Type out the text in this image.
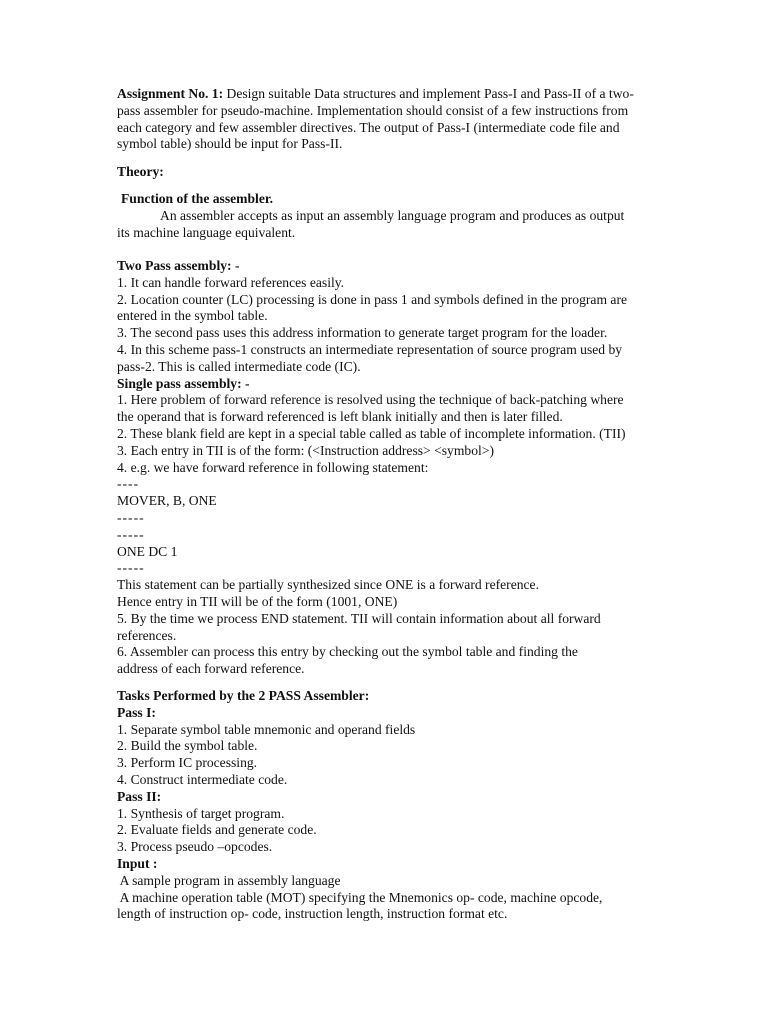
Assignment No. 1: Design suitable Data structures and implement Pass-I and Pass-II of a two-
pass assembler for pseudo-machine. Implementation should consist of a few instructions from
each category and few assembler directives. The output of Pass-I (intermediate code file and
symbol table) should be input for Pass-II.
Theory:
Function of the assembler.
An assembler accepts as input an assembly language program and produces as output
its machine language equivalent.
Two Pass assembly: -
1. It can handle forward references easily.
2. Location counter (LC) processing is done in pass 1 and symbols defined in the program are
entered in the symbol table.
3. The second pass uses this address information to generate target program for the loader.
4. In this scheme pass-1 constructs an intermediate representation of source program used by
pass-2. This is called intermediate code (IC).
Single pass assembly: -
1. Here problem of forward reference is resolved using the technique of back-patching where
the operand that is forward referenced is left blank initially and then is later filled.
2. These blank field are kept in a special table called as table of incomplete information. (TII)
3. Each entry in TII is of the form: (<Instruction address> <symbol>)
4. e.g. we have forward reference in following statement:
----
MOVER, B, ONE
-----
-----
ONE DC 1
-----
This statement can be partially synthesized since ONE is a forward reference.
Hence entry in TII will be of the form (1001, ONE)
5. By the time we process END statement. TII will contain information about all forward
references.
6. Assembler can process this entry by checking out the symbol table and finding the
address of each forward reference.
Tasks Performed by the 2 PASS Assembler:
Pass I:
1. Separate symbol table mnemonic and operand fields
2. Build the symbol table.
3. Perform IC processing.
4. Construct intermediate code.
Pass II:
1. Synthesis of target program.
2. Evaluate fields and generate code.
3. Process pseudo –opcodes.
Input :
A sample program in assembly language
A machine operation table (MOT) specifying the Mnemonics op- code, machine opcode,
length of instruction op- code, instruction length, instruction format etc.
